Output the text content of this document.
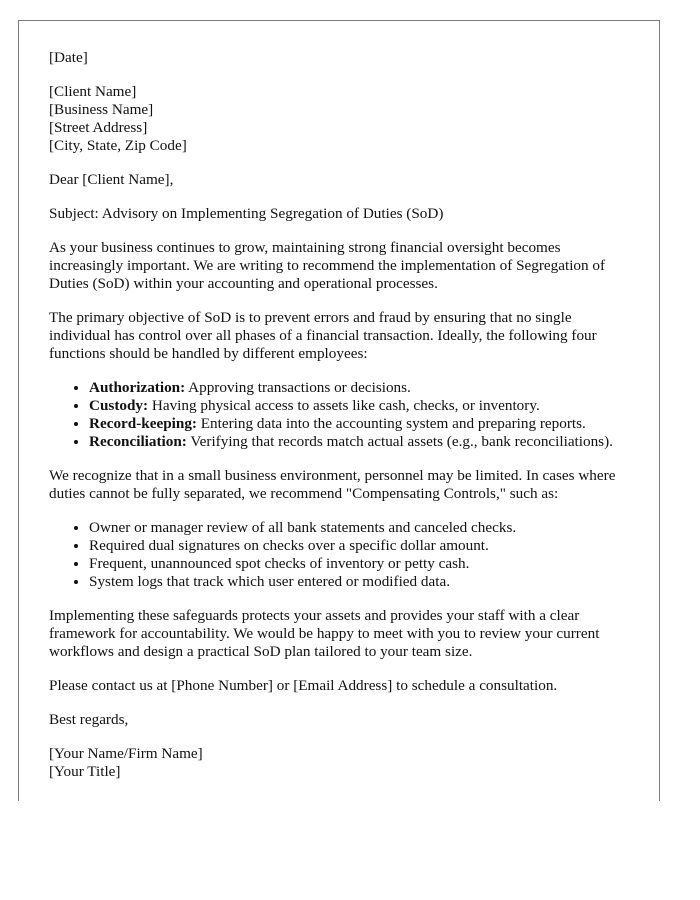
[Date]

[Client Name]
[Business Name]
[Street Address]
[City, State, Zip Code]

Dear [Client Name],

Subject: Advisory on Implementing Segregation of Duties (SoD)

As your business continues to grow, maintaining strong financial oversight becomes increasingly important. We are writing to recommend the implementation of Segregation of Duties (SoD) within your accounting and operational processes.

The primary objective of SoD is to prevent errors and fraud by ensuring that no single individual has control over all phases of a financial transaction. Ideally, the following four functions should be handled by different employees:

• Authorization: Approving transactions or decisions.
• Custody: Having physical access to assets like cash, checks, or inventory.
• Record-keeping: Entering data into the accounting system and preparing reports.
• Reconciliation: Verifying that records match actual assets (e.g., bank reconciliations).

We recognize that in a small business environment, personnel may be limited. In cases where duties cannot be fully separated, we recommend "Compensating Controls," such as:

• Owner or manager review of all bank statements and canceled checks.
• Required dual signatures on checks over a specific dollar amount.
• Frequent, unannounced spot checks of inventory or petty cash.
• System logs that track which user entered or modified data.

Implementing these safeguards protects your assets and provides your staff with a clear framework for accountability. We would be happy to meet with you to review your current workflows and design a practical SoD plan tailored to your team size.

Please contact us at [Phone Number] or [Email Address] to schedule a consultation.

Best regards,

[Your Name/Firm Name]
[Your Title]
